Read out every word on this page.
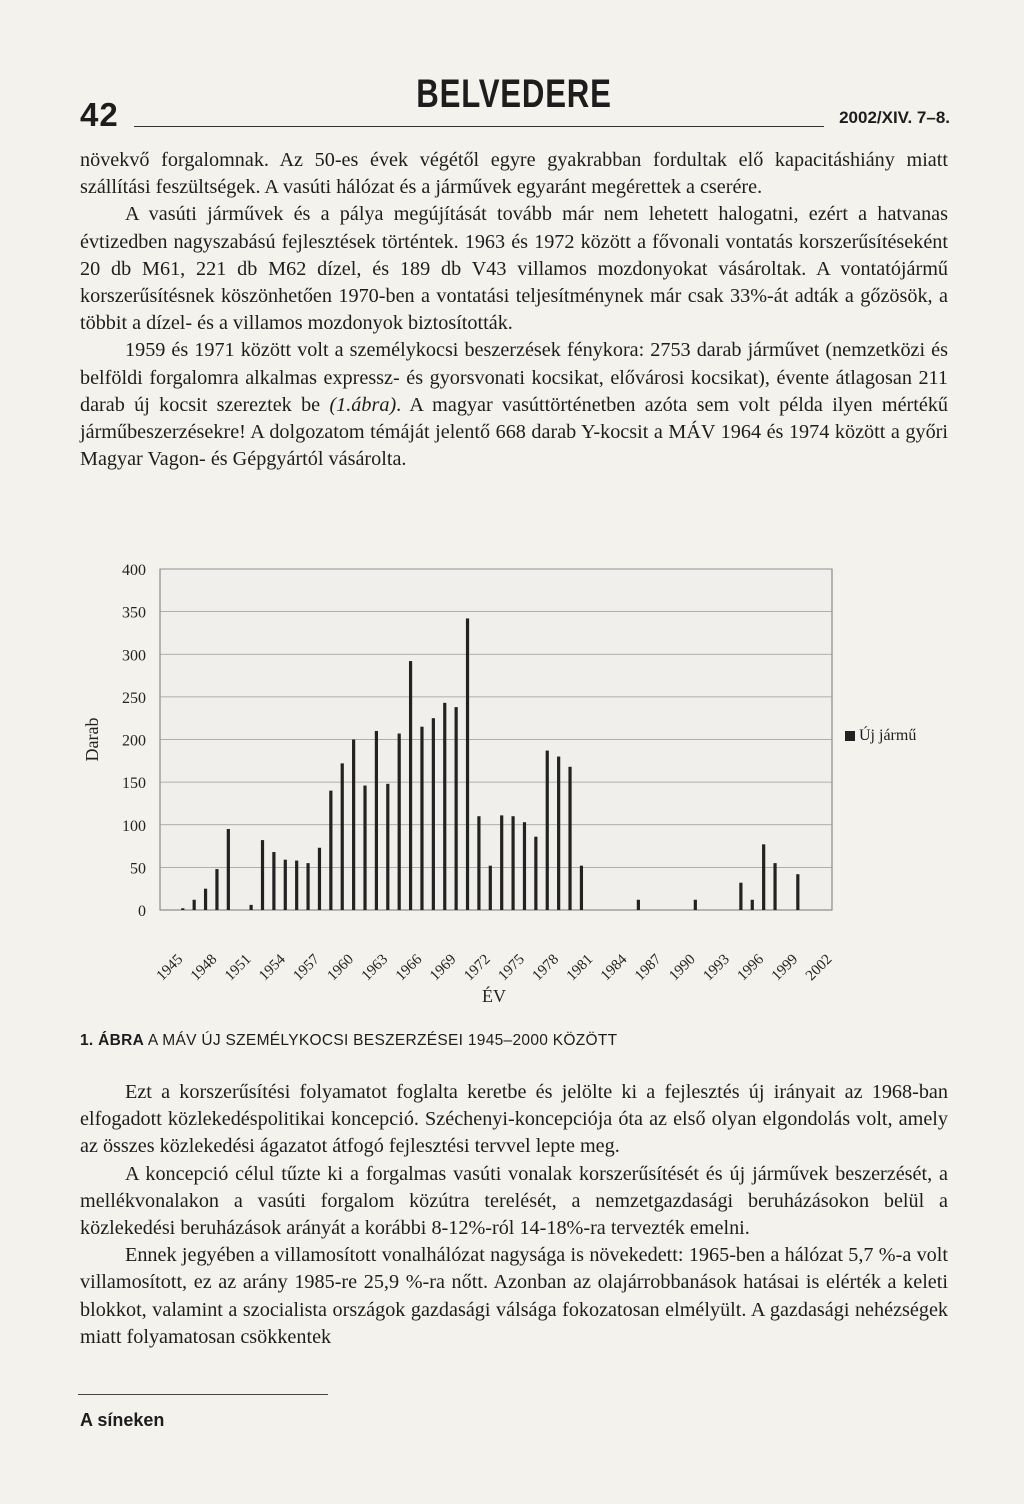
42	BELVEDERE
2002/XIV. 7–8.

növekvő forgalomnak. Az 50-es évek végétől egyre gyakrabban fordultak elő kapacitáshiány miatt szállítási feszültségek. A vasúti hálózat és a járművek egyaránt megérettek a cserére.

A vasúti járművek és a pálya megújítását tovább már nem lehetett halogatni, ezért a hatvanas évtizedben nagyszabású fejlesztések történtek. 1963 és 1972 között a fővonali vontatás korszerűsítéseként 20 db M61, 221 db M62 dízel, és 189 db V43 villamos mozdonyokat vásároltak. A vontatójármű korszerűsítésnek köszönhetően 1970-ben a vontatási teljesítménynek már csak 33%-át adták a gőzösök, a többit a dízel- és a villamos mozdonyok biztosították.

1959 és 1971 között volt a személykocsi beszerzések fénykora: 2753 darab járművet (nemzetközi és belföldi forgalomra alkalmas expressz- és gyorsvonati kocsikat, elővárosi kocsikat), évente átlagosan 211 darab új kocsit szereztek be (1.ábra). A magyar vasúttörténetben azóta sem volt példa ilyen mértékű járműbeszerzésekre! A dolgozatom témáját jelentő 668 darab Y-kocsit a MÁV 1964 és 1974 között a győri Magyar Vagon- és Gépgyártól vásárolta.

0
50
100
150
200
250
300
350
400
Darab
1945 1948 1951 1954 1957 1960 1963 1966 1969 1972 1975 1978 1981 1984 1987 1990 1993 1996 1999 2002
ÉV
Új jármű
1. ÁBRA A MÁV ÚJ SZEMÉLYKOCSI BESZERZÉSEI 1945–2000 KÖZÖTT

Ezt a korszerűsítési folyamatot foglalta keretbe és jelölte ki a fejlesztés új irányait az 1968-ban elfogadott közlekedéspolitikai koncepció. Széchenyi-koncepciója óta az első olyan elgondolás volt, amely az összes közlekedési ágazatot átfogó fejlesztési tervvel lepte meg.

A koncepció célul tűzte ki a forgalmas vasúti vonalak korszerűsítését és új járművek beszerzését, a mellékvonalakon a vasúti forgalom közútra terelését, a nemzetgazdasági beruházásokon belül a közlekedési beruházások arányát a korábbi 8-12%-ról 14-18%-ra tervezték emelni.

Ennek jegyében a villamosított vonalhálózat nagysága is növekedett: 1965-ben a hálózat 5,7 %-a volt villamosított, ez az arány 1985-re 25,9 %-ra nőtt. Azonban az olajárrobbanások hatásai is elérték a keleti blokkot, valamint a szocialista országok gazdasági válsága fokozatosan elmélyült. A gazdasági nehézségek miatt folyamatosan csökkentek

A síneken
